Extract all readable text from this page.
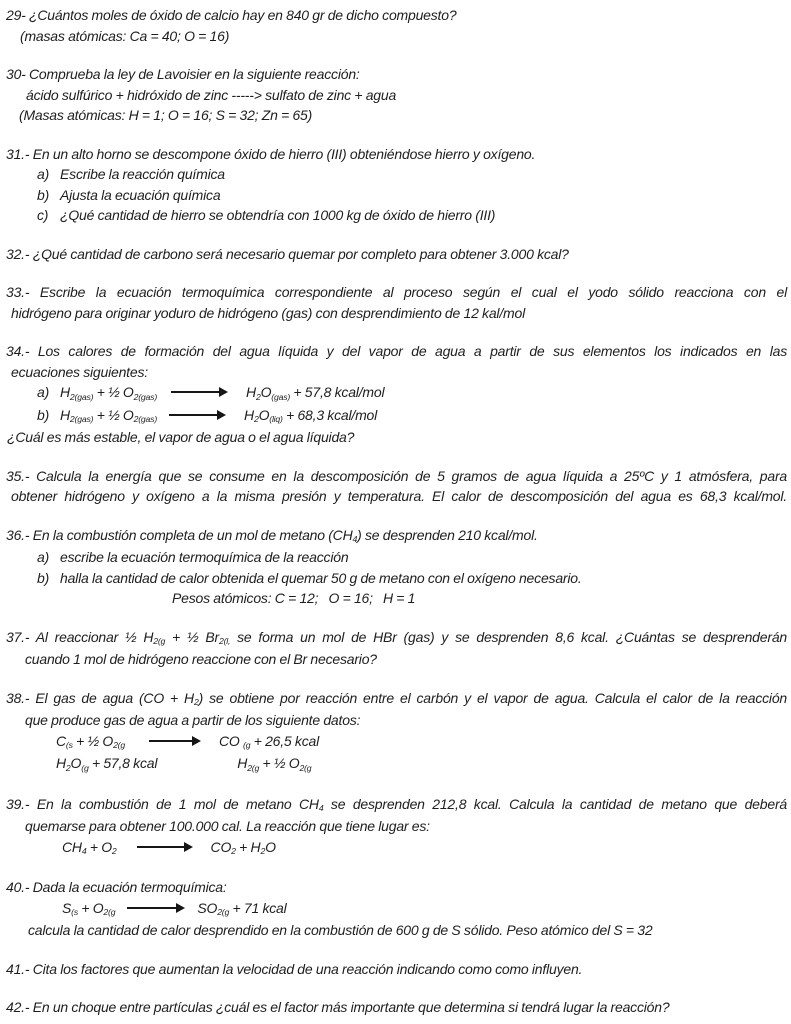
29- ¿Cuántos moles de óxido de calcio hay en 840 gr de dicho compuesto?

(masas atómicas: Ca = 40; O = 16)

30- Comprueba la ley de Lavoisier en la siguiente reacción:

ácido sulfúrico + hidróxido de zinc -----> sulfato de zinc + agua

(Masas atómicas: H = 1; O = 16; S = 32; Zn = 65)

31.- En un alto horno se descompone óxido de hierro (III) obteniéndose hierro y oxígeno.

a) Escribe la reacción química

b) Ajusta la ecuación química

c) ¿Qué cantidad de hierro se obtendría con 1000 kg de óxido de hierro (III)

32.- ¿Qué cantidad de carbono será necesario quemar por completo para obtener 3.000 kcal?

33.- Escribe la ecuación termoquímica correspondiente al proceso según el cual el yodo sólido reacciona con el

hidrógeno para originar yoduro de hidrógeno (gas) con desprendimiento de 12 kal/mol

34.- Los calores de formación del agua líquida y del vapor de agua a partir de sus elementos los indicados en las

ecuaciones siguientes:

a) $H_{2(gas)}$ + ½ $O_{2(gas)}$	$H_2O_{(gas)} + 57,8$ kcal/mol

b) $H_{2(gas)}$ + ½ $O_{2(gas)}$	$H_2O_{(liq)} + 68,3$ kcal/mol

¿Cuál es más estable, el vapor de agua o el agua líquida?

35.- Calcula la energía que se consume en la descomposición de 5 gramos de agua líquida a 25ºC y 1 atmósfera, para

obtener hidrógeno y oxígeno a la misma presión y temperatura. El calor de descomposición del agua es 68,3 kcal/mol.

36.- En la combustión completa de un mol de metano $(CH_4)$ se desprenden 210 kcal/mol.

a) escribe la ecuación termoquímica de la reacción

b) halla la cantidad de calor obtenida el quemar 50 g de metano con el oxígeno necesario.

Pesos atómicos: C = 12;   O = 16;   H = 1

37.- Al reaccionar ½ $H_{2(g}$ + ½ $Br_{2(l,}$ se forma un mol de HBr (gas) y se desprenden 8,6 kcal. ¿Cuántas se desprenderán

cuando 1 mol de hidrógeno reaccione con el Br necesario?

38.- El gas de agua $(CO + H_2)$ se obtiene por reacción entre el carbón y el vapor de agua. Calcula el calor de la reacción

que produce gas de agua a partir de los siguiente datos:

$C_{(s}$ + ½ $O_{2(g}$	CO $_{(g}$ + 26,5 kcal

$H_2O_{(g} + 57,8$ kcal	$H_{2(g}$ + ½ $O_{2(g}$

39.- En la combustión de 1 mol de metano $CH_4$ se desprenden 212,8 kcal. Calcula la cantidad de metano que deberá

quemarse para obtener 100.000 cal. La reacción que tiene lugar es:

$CH_4 + O_2$	$CO_2 + H_2O$

40.- Dada la ecuación termoquímica:

$S_{(s} + O_{2(g}$	$SO_{2(g} + 71$ kcal

calcula la cantidad de calor desprendido en la combustión de 600 g de S sólido. Peso atómico del S = 32

41.- Cita los factores que aumentan la velocidad de una reacción indicando como como influyen.

42.- En un choque entre partículas ¿cuál es el factor más importante que determina si tendrá lugar la reacción?
